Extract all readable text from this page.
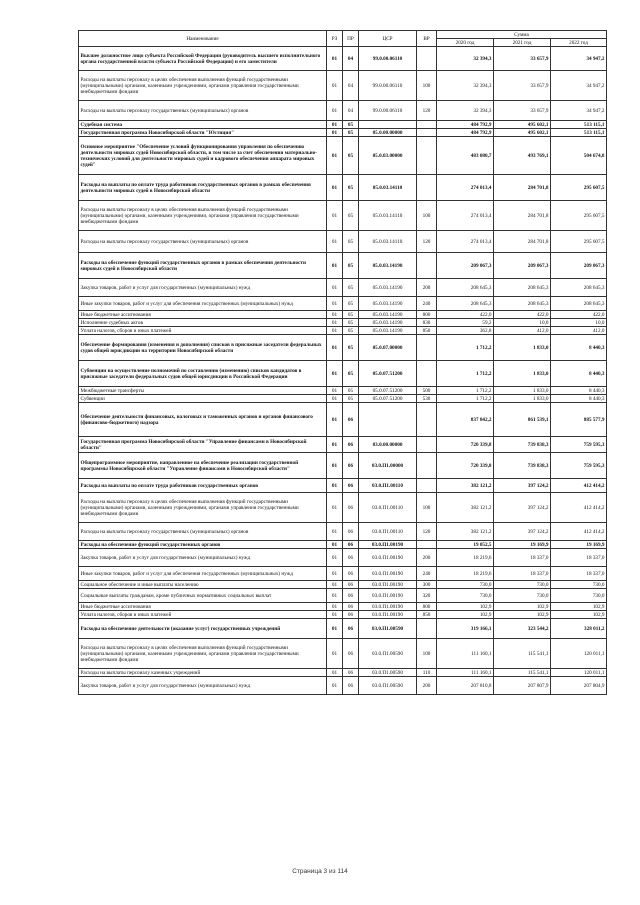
Наименование	РЗ	ПР	ЦСР	ВР	Сумма		
					2020 год	2021 год	2022 год
Высшее должностное лицо субъекта Российской Федерации (руководитель высшего исполнительного органа государственной власти субъекта Российской Федерации) и его заместители	01	04	99.0.00.06110		32 394,3	33 657,9	34 947,2
Расходы на выплаты персоналу в целях обеспечения выполнения функций государственными (муниципальными) органами, казенными учреждениями, органами управления государственными внебюджетными фондами	01	04	99.0.00.06110	100	32 394,3	33 657,9	34 947,2
Расходы на выплаты персоналу государственных (муниципальных) органов	01	04	99.0.00.06110	120	32 394,3	33 657,9	34 947,2
Судебная система	01	05			484 792,9	495 602,1	513 115,1
Государственная программа Новосибирской области "Юстиция"	01	05	05.0.00.00000		484 792,9	495 602,1	513 115,1
Основное мероприятие "Обеспечение условий функционирования управления по обеспечению деятельности мировых судей Новосибирской области, в том числе за счет обеспечения материально-технических условий для деятельности мировых судей и кадрового обеспечения аппарата мировых судей"	01	05	05.0.03.00000		483 080,7	493 769,1	504 674,8
Расходы на выплаты по оплате труда работников государственных органов в рамках обеспечения деятельности мировых судей в Новосибирской области	01	05	05.0.03.14110		274 013,4	284 701,8	295 607,5
Расходы на выплаты персоналу в целях обеспечения выполнения функций государственными (муниципальными) органами, казенными учреждениями, органами управления государственными внебюджетными фондами	01	05	05.0.03.14110	100	274 013,4	284 701,8	295 607,5
Расходы на выплаты персоналу государственных (муниципальных) органов	01	05	05.0.03.14110	120	274 013,4	284 701,8	295 607,5
Расходы на обеспечение функций государственных органов в рамках обеспечения деятельности мировых судей в Новосибирской области	01	05	05.0.03.14190		209 067,3	209 067,3	209 067,3
Закупка товаров, работ и услуг для государственных (муниципальных) нужд	01	05	05.0.03.14190	200	208 645,3	208 645,3	208 645,3
Иные закупки товаров, работ и услуг для обеспечения государственных (муниципальных) нужд	01	05	05.0.03.14190	240	208 645,3	208 645,3	208 645,3
Иные бюджетные ассигнования	01	05	05.0.03.14190	800	422,0	422,0	422,0
Исполнение судебных актов	01	05	05.0.03.14190	830	59,2	10,0	10,0
Уплата налогов, сборов и иных платежей	01	05	05.0.03.14190	850	362,8	412,0	412,0
Обеспечение формирования (изменения и дополнения) списков в присяжные заседатели федеральных судов общей юрисдикции на территории Новосибирской области	01	05	05.0.07.00000		1 712,2	1 833,0	8 440,3
Субвенции на осуществление полномочий по составлению (изменению) списков кандидатов в присяжные заседатели федеральных судов общей юрисдикции в Российской Федерации	01	05	05.0.07.51200		1 712,2	1 833,0	8 440,3
Межбюджетные трансферты	01	05	05.0.07.51200	500	1 712,2	1 833,0	8 440,3
Субвенции	01	05	05.0.07.51200	530	1 712,2	1 833,0	8 440,3
Обеспечение деятельности финансовых, налоговых и таможенных органов и органов финансового (финансово-бюджетного) надзора	01	06			837 842,2	861 539,1	885 577,9
Государственная программа Новосибирской области "Управление финансами в Новосибирской области"	01	06	03.0.00.00000		720 339,8	739 838,3	759 595,3
Общепрограммное мероприятие, направленное на обеспечение реализации государственной программы Новосибирской области "Управление финансами в Новосибирской области"	01	06	03.0.П1.00000		720 339,8	739 838,3	759 595,3
Расходы на выплаты по оплате труда работников государственных органов	01	06	03.0.П1.00110		382 121,2	397 124,2	412 414,2
Расходы на выплаты персоналу в целях обеспечения выполнения функций государственными (муниципальными) органами, казенными учреждениями, органами управления государственными внебюджетными фондами	01	06	03.0.П1.00110	100	382 121,2	397 124,2	412 414,2
Расходы на выплаты персоналу государственных (муниципальных) органов	01	06	03.0.П1.00110	120	382 121,2	397 124,2	412 414,2
Расходы на обеспечение функций государственных органов	01	06	03.0.П1.00190		19 052,5	19 169,9	19 169,9
Закупка товаров, работ и услуг для государственных (муниципальных) нужд	01	06	03.0.П1.00190	200	18 219,6	18 337,0	18 337,0
Иные закупки товаров, работ и услуг для обеспечения государственных (муниципальных) нужд	01	06	03.0.П1.00190	240	18 219,6	18 337,0	18 337,0
Социальное обеспечение и иные выплаты населению	01	06	03.0.П1.00190	300	730,0	730,0	730,0
Социальные выплаты гражданам, кроме публичных нормативных социальных выплат	01	06	03.0.П1.00190	320	730,0	730,0	730,0
Иные бюджетные ассигнования	01	06	03.0.П1.00190	800	102,9	102,9	102,9
Уплата налогов, сборов и иных платежей	01	06	03.0.П1.00190	850	102,9	102,9	102,9
Расходы на обеспечение деятельности (оказание услуг) государственных учреждений	01	06	03.0.П1.00590		319 166,1	323 544,2	328 011,2
Расходы на выплаты персоналу в целях обеспечения выполнения функций государственными (муниципальными) органами, казенными учреждениями, органами управления государственными внебюджетными фондами	01	06	03.0.П1.00590	100	111 160,1	115 541,1	120 011,1
Расходы на выплаты персоналу казенных учреждений	01	06	03.0.П1.00590	110	111 160,1	115 541,1	120 011,1
Закупка товаров, работ и услуг для государственных (муниципальных) нужд	01	06	03.0.П1.00590	200	207 810,8	207 807,9	207 804,9
Страница 3 из 114
